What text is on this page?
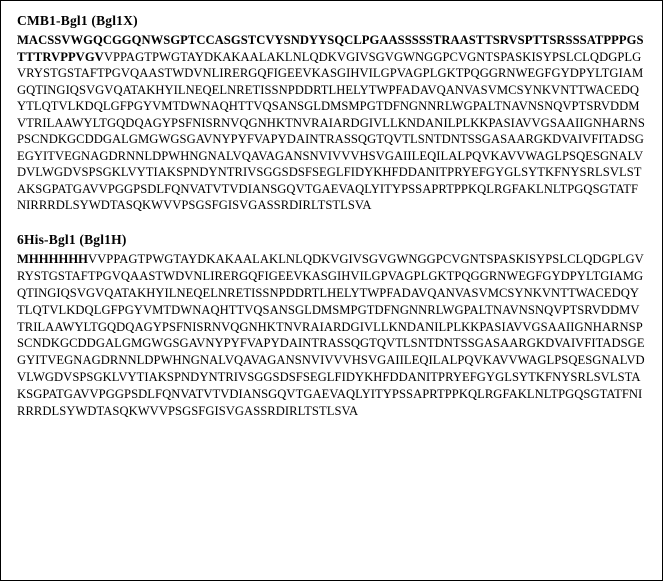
CMB1-Bgl1 (Bgl1X)
MACSSVWGQCGGQNWSGPTCCASGSTCVYSNDYYSQCLPGAASSSSSTRAASTTSRVSPTTSRSSSATPPPGSTTTRVPPVGVVPPAGTPWGTAYDKAKAALAKLNLQDKVGIVSGVGWNGGPCVGNTSPASKISYPSLCLQDGPLGVRYSTGSTAFTPGVQAASTWDVNLIRERGQFIGEEVKASGIHVILGPVAGPLGKTPQGGRNWEGFGYDPYLTGIAMGQTINGIQSVGVQATAKHYILNEQELNRETISSNPDDRTLHELYTWPFADAVQANVASVMCSYNKVNTTWACEDQYTLQTVLKDQLGFPGYVMTDWNAQHTTVQSANSGLDMSMPGTDFNGNNRLWGPALTNAVNSNQVPTSRVDDMVTRILAAWYLTGQDQAGYPSFNISRNVQGNHKTNVRAIARDGIVLLKNDANILPLKKPASIAVVGSAAIIGNHARNSPSCNDKGCDDGALGMGWGSGAVNYPYFVAPYDAINTRASSQGTQVTLSNTDNTSSGASAARGKDVAIVFITADSGEGYITVEGNAGDRNNLDPWHNGNALVQAVAGANSNVIVVVHSVGAIILEQILALPQVKAVVWAGLPSQESGNALVDVLWGDVSPSGKLVYTIAKSPNDYNTRIVSGGSDSFSEGLFIDYKHFDDANITPRYEFGYGLSYTKFNYSRLSVLSTAKSGPATGAVVPGGPSDLFQNVATVTVDIANSGQVTGAEVAQLYITYPSSAPRTPPKQLRGFAKLNLTPGQSGTATFNIRRRDLSYWDTASQKWVVPSGSFGISVGASSRDIRLTSTLSVA
6His-Bgl1 (Bgl1H)
MHHHHHHVVPPAGTPWGTAYDKAKAALAKLNLQDKVGIVSGVGWNGGPCVGNTSPASKISYPSLCLQDGPLGVRYSTGSTAFTPGVQAASTWDVNLIRERGQFIGEEVKASGIHVILGPVAGPLGKTPQGGRNWEGFGYDPYLTGIAMGQTINGIQSVGVQATAKHYILNEQELNRETISSNPDDRTLHELYTWPFADAVQANVASVMCSYNKVNTTWACEDQYTLQTVLKDQLGFPGYVMTDWNAQHTTVQSANSGLDMSMPGTDFNGNNRLWGPALTNAVNSNQVPTSRVDDMVTRILAAWYLTGQDQAGYPSFNISRNVQGNHKTNVRAIARDGIVLLKNDANILPLKKPASIAVVGSAAIIGNHARNSPSCNDKGCDDGALGMGWGSGAVNYPYFVAPYDAINTRASSQGTQVTLSNTDNTSSGASAARGKDVAIVFITADSGEGYITVEGNAGDRNNLDPWHNGNALVQAVAGANSNVIVVVHSVGAIILEQILALPQVKAVVWAGLPSQESGNALVDVLWGDVSPSGKLVYTIAKSPNDYNTRIVSGGSDSFSEGLFIDYKHFDDANITPRYEFGYGLSYTKFNYSRLSVLSTAKSGPATGAVVPGGPSDLFQNVATVTVDIANSGQVTGAEVAQLYITYPSSAPRTPPKQLRGFAKLNLTPGQSGTATFNIRRRDLSYWDTASQKWVVPSGSFGISVGASSRDIRLTSTLSVA
